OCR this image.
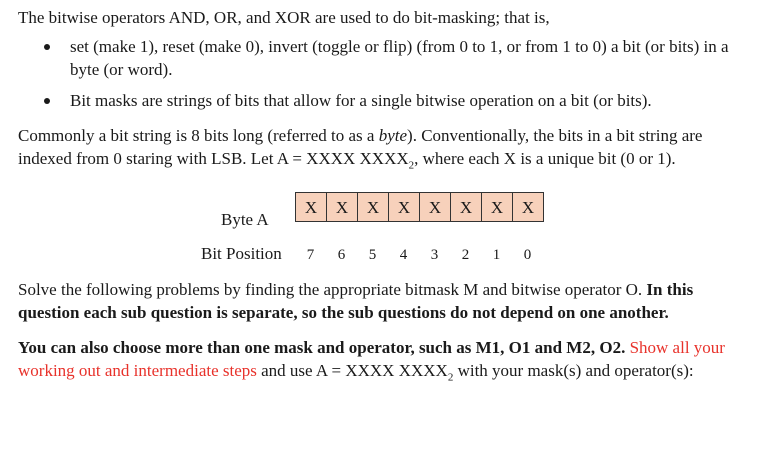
The bitwise operators AND, OR, and XOR are used to do bit-masking; that is,

set (make 1), reset (make 0), invert (toggle or flip) (from 0 to 1, or from 1 to 0) a bit (or bits) in a byte (or word).
Bit masks are strings of bits that allow for a single bitwise operation on a bit (or bits).

Commonly a bit string is 8 bits long (referred to as a byte). Conventionally, the bits in a bit string are indexed from 0 staring with LSB. Let A = XXXX $XXXX_2$, where each X is a unique bit (0 or 1).

Byte A
Bit Position
X	X	X	X	X	X	X	X
7	6	5	4	3	2	1	0

Solve the following problems by finding the appropriate bitmask M and bitwise operator O. In this question each sub question is separate, so the sub questions do not depend on one another.

You can also choose more than one mask and operator, such as M1, O1 and M2, O2. Show all your working out and intermediate steps and use A = XXXX $XXXX_2$ with your mask(s) and operator(s):
